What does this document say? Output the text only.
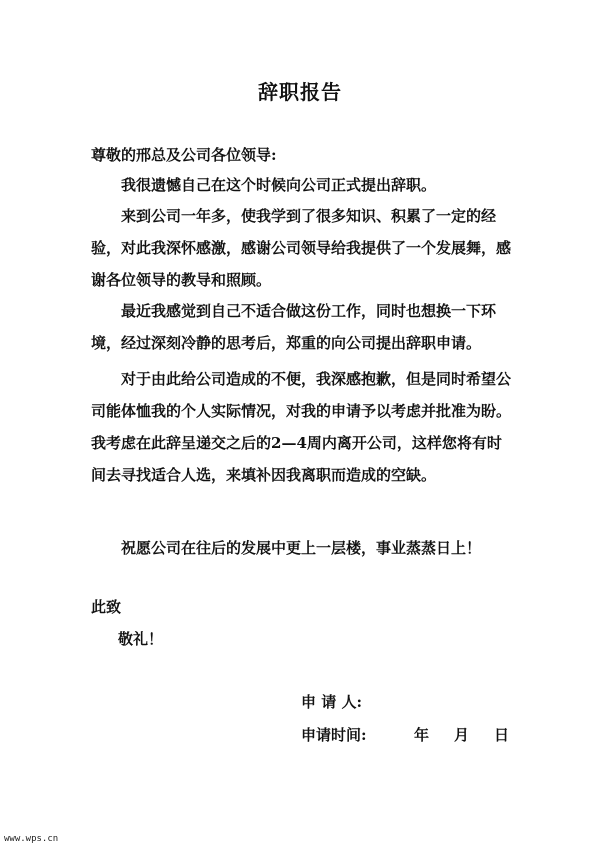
辞职报告
尊敬的邢总及公司各位领导:
我很遗憾自己在这个时候向公司正式提出辞职。
来到公司一年多，使我学到了很多知识、积累了一定的经验，对此我深怀感激，感谢公司领导给我提供了一个发展舞，感谢各位领导的教导和照顾。
最近我感觉到自己不适合做这份工作，同时也想换一下环境，经过深刻冷静的思考后，郑重的向公司提出辞职申请。
对于由此给公司造成的不便，我深感抱歉，但是同时希望公司能体恤我的个人实际情况，对我的申请予以考虑并批准为盼。我考虑在此辞呈递交之后的2—4周内离开公司，这样您将有时间去寻找适合人选，来填补因我离职而造成的空缺。
祝愿公司在往后的发展中更上一层楼，事业蒸蒸日上！
此致
敬礼！
申 请 人:
申请时间:	年 月 日
www.wps.cn
